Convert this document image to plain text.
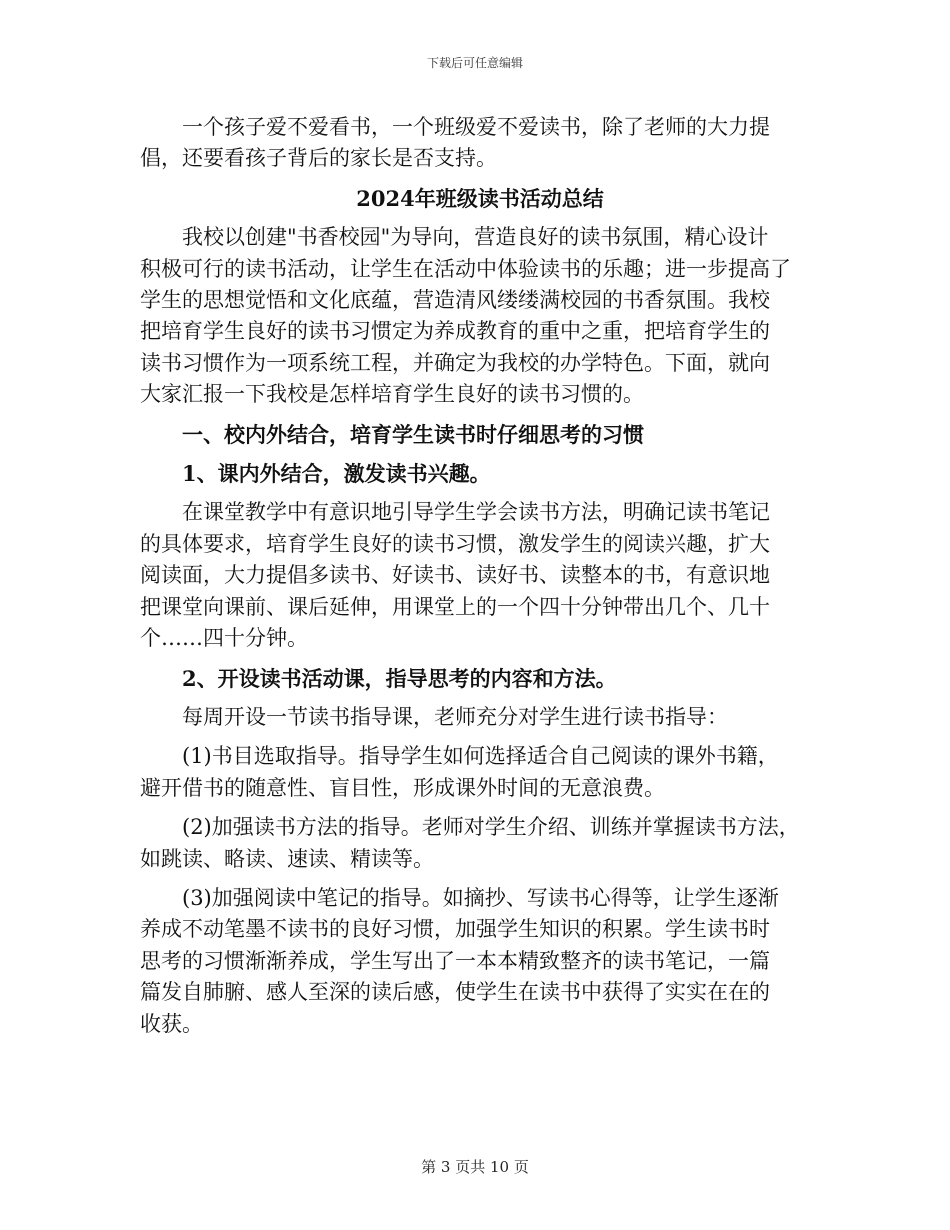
下载后可任意编辑

一个孩子爱不爱看书，一个班级爱不爱读书，除了老师的大力提
倡，还要看孩子背后的家长是否支持。

2024年班级读书活动总结

我校以创建"书香校园"为导向，营造良好的读书氛围，精心设计
积极可行的读书活动，让学生在活动中体验读书的乐趣；进一步提高了
学生的思想觉悟和文化底蕴，营造清风缕缕满校园的书香氛围。我校
把培育学生良好的读书习惯定为养成教育的重中之重，把培育学生的
读书习惯作为一项系统工程，并确定为我校的办学特色。下面，就向
大家汇报一下我校是怎样培育学生良好的读书习惯的。

一、校内外结合，培育学生读书时仔细思考的习惯

1、课内外结合，激发读书兴趣。

在课堂教学中有意识地引导学生学会读书方法，明确记读书笔记
的具体要求，培育学生良好的读书习惯，激发学生的阅读兴趣，扩大
阅读面，大力提倡多读书、好读书、读好书、读整本的书，有意识地
把课堂向课前、课后延伸，用课堂上的一个四十分钟带出几个、几十
个……四十分钟。

2、开设读书活动课，指导思考的内容和方法。

每周开设一节读书指导课，老师充分对学生进行读书指导：

(1)书目选取指导。指导学生如何选择适合自己阅读的课外书籍，
避开借书的随意性、盲目性，形成课外时间的无意浪费。

(2)加强读书方法的指导。老师对学生介绍、训练并掌握读书方法，
如跳读、略读、速读、精读等。

(3)加强阅读中笔记的指导。如摘抄、写读书心得等，让学生逐渐
养成不动笔墨不读书的良好习惯，加强学生知识的积累。学生读书时
思考的习惯渐渐养成，学生写出了一本本精致整齐的读书笔记，一篇
篇发自肺腑、感人至深的读后感，使学生在读书中获得了实实在在的
收获。

第 3 页共 10 页
